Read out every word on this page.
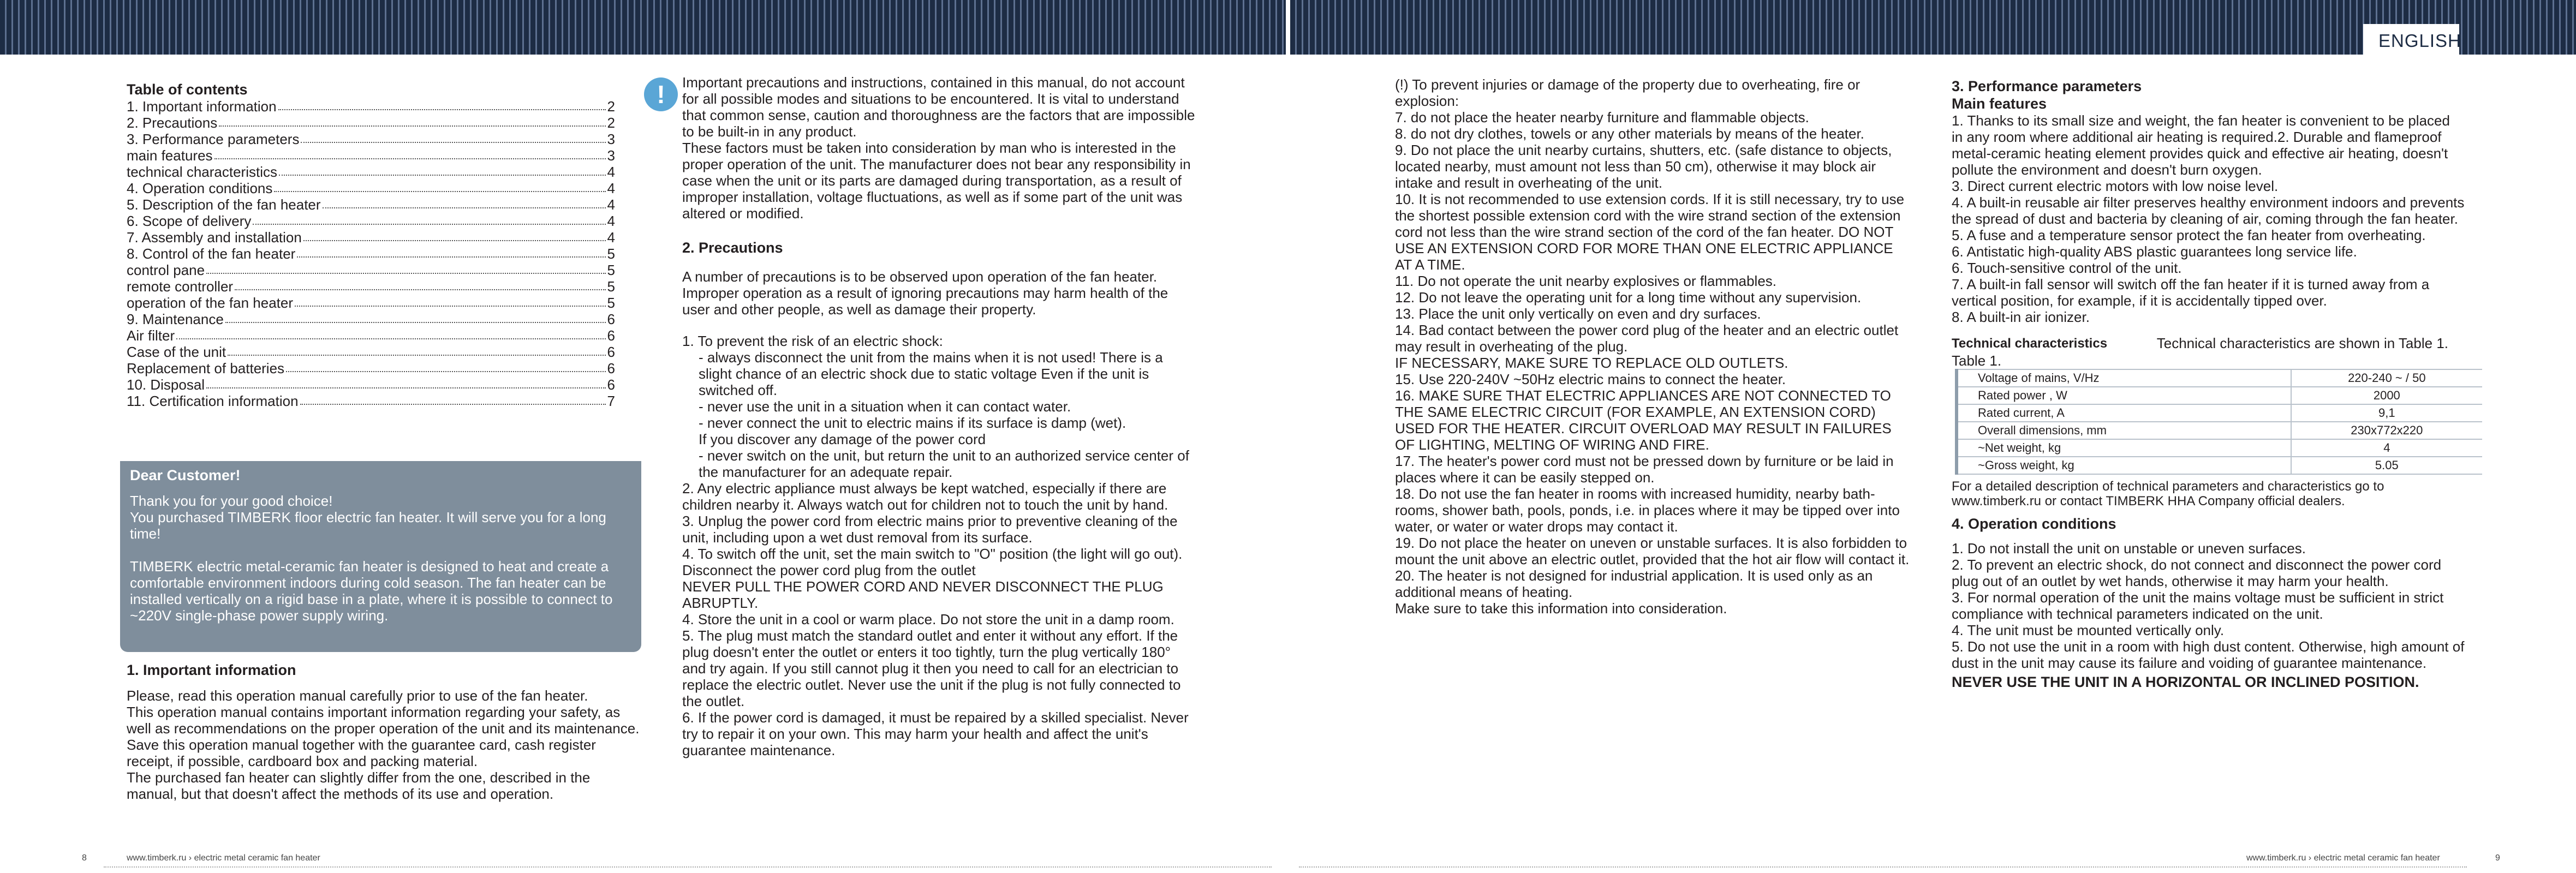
ENGLISH

Table of contents

1. Important information	2
2. Precautions	2
3. Performance parameters	3
main features	3
technical characteristics	4
4. Operation conditions	4
5. Description of the fan heater	4
6. Scope of delivery	4
7. Assembly and installation	4
8. Control of the fan heater	5
control pane	5
remote controller	5
operation of the fan heater	5
9. Maintenance	6
Air filter	6
Case of the unit	6
Replacement of batteries	6
10. Disposal	6
11. Certification information	7

Dear Customer!

Thank you for your good choice!

You purchased TIMBERK floor electric fan heater. It will serve you for a long time!

TIMBERK electric metal-ceramic fan heater is designed to heat and create a comfortable environment indoors during cold season. The fan heater can be installed vertically on a rigid base in a plate, where it is possible to connect to ~220V single-phase power supply wiring.

1. Important information

Please, read this operation manual carefully prior to use of the fan heater.

This operation manual contains important information regarding your safety, as well as recommendations on the proper operation of the unit and its maintenance.

Save this operation manual together with the guarantee card, cash register receipt, if possible, cardboard box and packing material.

The purchased fan heater can slightly differ from the one, described in the manual, but that doesn't affect the methods of its use and operation.

!	Important precautions and instructions, contained in this manual, do not account for all possible modes and situations to be encountered. It is vital to understand that common sense, caution and thoroughness are the factors that are impossible to be built-in in any product.

These factors must be taken into consideration by man who is interested in the proper operation of the unit. The manufacturer does not bear any responsibility in case when the unit or its parts are damaged during transportation, as a result of improper installation, voltage fluctuations, as well as if some part of the unit was altered or modified.

2. Precautions

A number of precautions is to be observed upon operation of the fan heater. Improper operation as a result of ignoring precautions may harm health of the user and other people, as well as damage their property.

1. To prevent the risk of an electric shock:

- always disconnect the unit from the mains when it is not used! There is a slight chance of an electric shock due to static voltage Even if the unit is switched off.

- never use the unit in a situation when it can contact water.

- never connect the unit to electric mains if its surface is damp (wet).

If you discover any damage of the power cord

- never switch on the unit, but return the unit to an authorized service center of the manufacturer for an adequate repair.

2. Any electric appliance must always be kept watched, especially if there are children nearby it. Always watch out for children not to touch the unit by hand.

3. Unplug the power cord from electric mains prior to preventive cleaning of the unit, including upon a wet dust removal from its surface.

4. To switch off the unit, set the main switch to "O" position (the light will go out). Disconnect the power cord plug from the outlet

NEVER PULL THE POWER CORD AND NEVER DISCONNECT THE PLUG ABRUPTLY.

4. Store the unit in a cool or warm place. Do not store the unit in a damp room.

5. The plug must match the standard outlet and enter it without any effort. If the plug doesn't enter the outlet or enters it too tightly, turn the plug vertically 180° and try again. If you still cannot plug it then you need to call for an electrician to replace the electric outlet. Never use the unit if the plug is not fully connected to the outlet.

6. If the power cord is damaged, it must be repaired by a skilled specialist. Never try to repair it on your own. This may harm your health and affect the unit's guarantee maintenance.

(!) To prevent injuries or damage of the property due to overheating, fire or explosion:

7. do not place the heater nearby furniture and flammable objects.

8. do not dry clothes, towels or any other materials by means of the heater.

9. Do not place the unit nearby curtains, shutters, etc. (safe distance to objects, located nearby, must amount not less than 50 cm), otherwise it may block air intake and result in overheating of the unit.

10. It is not recommended to use extension cords. If it is still necessary, try to use the shortest possible extension cord with the wire strand section of the extension cord not less than the wire strand section of the cord of the fan heater. DO NOT USE AN EXTENSION CORD FOR MORE THAN ONE ELECTRIC APPLIANCE AT A TIME.

11. Do not operate the unit nearby explosives or flammables.

12. Do not leave the operating unit for a long time without any supervision.

13. Place the unit only vertically on even and dry surfaces.

14. Bad contact between the power cord plug of the heater and an electric outlet may result in overheating of the plug.

IF NECESSARY, MAKE SURE TO REPLACE OLD OUTLETS.

15. Use 220-240V ~50Hz electric mains to connect the heater.

16. MAKE SURE THAT ELECTRIC APPLIANCES ARE NOT CONNECTED TO THE SAME ELECTRIC CIRCUIT (FOR EXAMPLE, AN EXTENSION CORD) USED FOR THE HEATER. CIRCUIT OVERLOAD MAY RESULT IN FAILURES OF LIGHTING, MELTING OF WIRING AND FIRE.

17. The heater's power cord must not be pressed down by furniture or be laid in places where it can be easily stepped on.

18. Do not use the fan heater in rooms with increased humidity, nearby bath-rooms, shower bath, pools, ponds, i.e. in places where it may be tipped over into water, or water or water drops may contact it.

19. Do not place the heater on uneven or unstable surfaces. It is also forbidden to mount the unit above an electric outlet, provided that the hot air flow will contact it.

20. The heater is not designed for industrial application. It is used only as an additional means of heating.

Make sure to take this information into consideration.

3. Performance parameters

Main features

1. Thanks to its small size and weight, the fan heater is convenient to be placed in any room where additional air heating is required.2. Durable and flameproof metal-ceramic heating element provides quick and effective air heating, doesn't pollute the environment and doesn't burn oxygen.

3. Direct current electric motors with low noise level.

4. A built-in reusable air filter preserves healthy environment indoors and prevents the spread of dust and bacteria by cleaning of air, coming through the fan heater.

5. A fuse and a temperature sensor protect the fan heater from overheating.

6. Antistatic high-quality ABS plastic guarantees long service life.

6. Touch-sensitive control of the unit.

7. A built-in fall sensor will switch off the fan heater if it is turned away from a vertical position, for example, if it is accidentally tipped over.

8. A built-in air ionizer.

Technical characteristics	Technical characteristics are shown in Table 1.

Table 1.

Voltage of mains, V/Hz	220-240 ~ / 50
Rated power , W	2000
Rated current, A	9,1
Overall dimensions, mm	230x772x220
~Net weight, kg	4
~Gross weight, kg	5.05

For a detailed description of technical parameters and characteristics go to www.timberk.ru or contact TIMBERK HHA Company official dealers.

4. Operation conditions

1. Do not install the unit on unstable or uneven surfaces.

2. To prevent an electric shock, do not connect and disconnect the power cord plug out of an outlet by wet hands, otherwise it may harm your health.

3. For normal operation of the unit the mains voltage must be sufficient in strict compliance with technical parameters indicated on the unit.

4. The unit must be mounted vertically only.

5. Do not use the unit in a room with high dust content. Otherwise, high amount of dust in the unit may cause its failure and voiding of guarantee maintenance.

NEVER USE THE UNIT IN A HORIZONTAL OR INCLINED POSITION.

8	www.timberk.ru › electric metal ceramic fan heater	www.timberk.ru › electric metal ceramic fan heater	9
